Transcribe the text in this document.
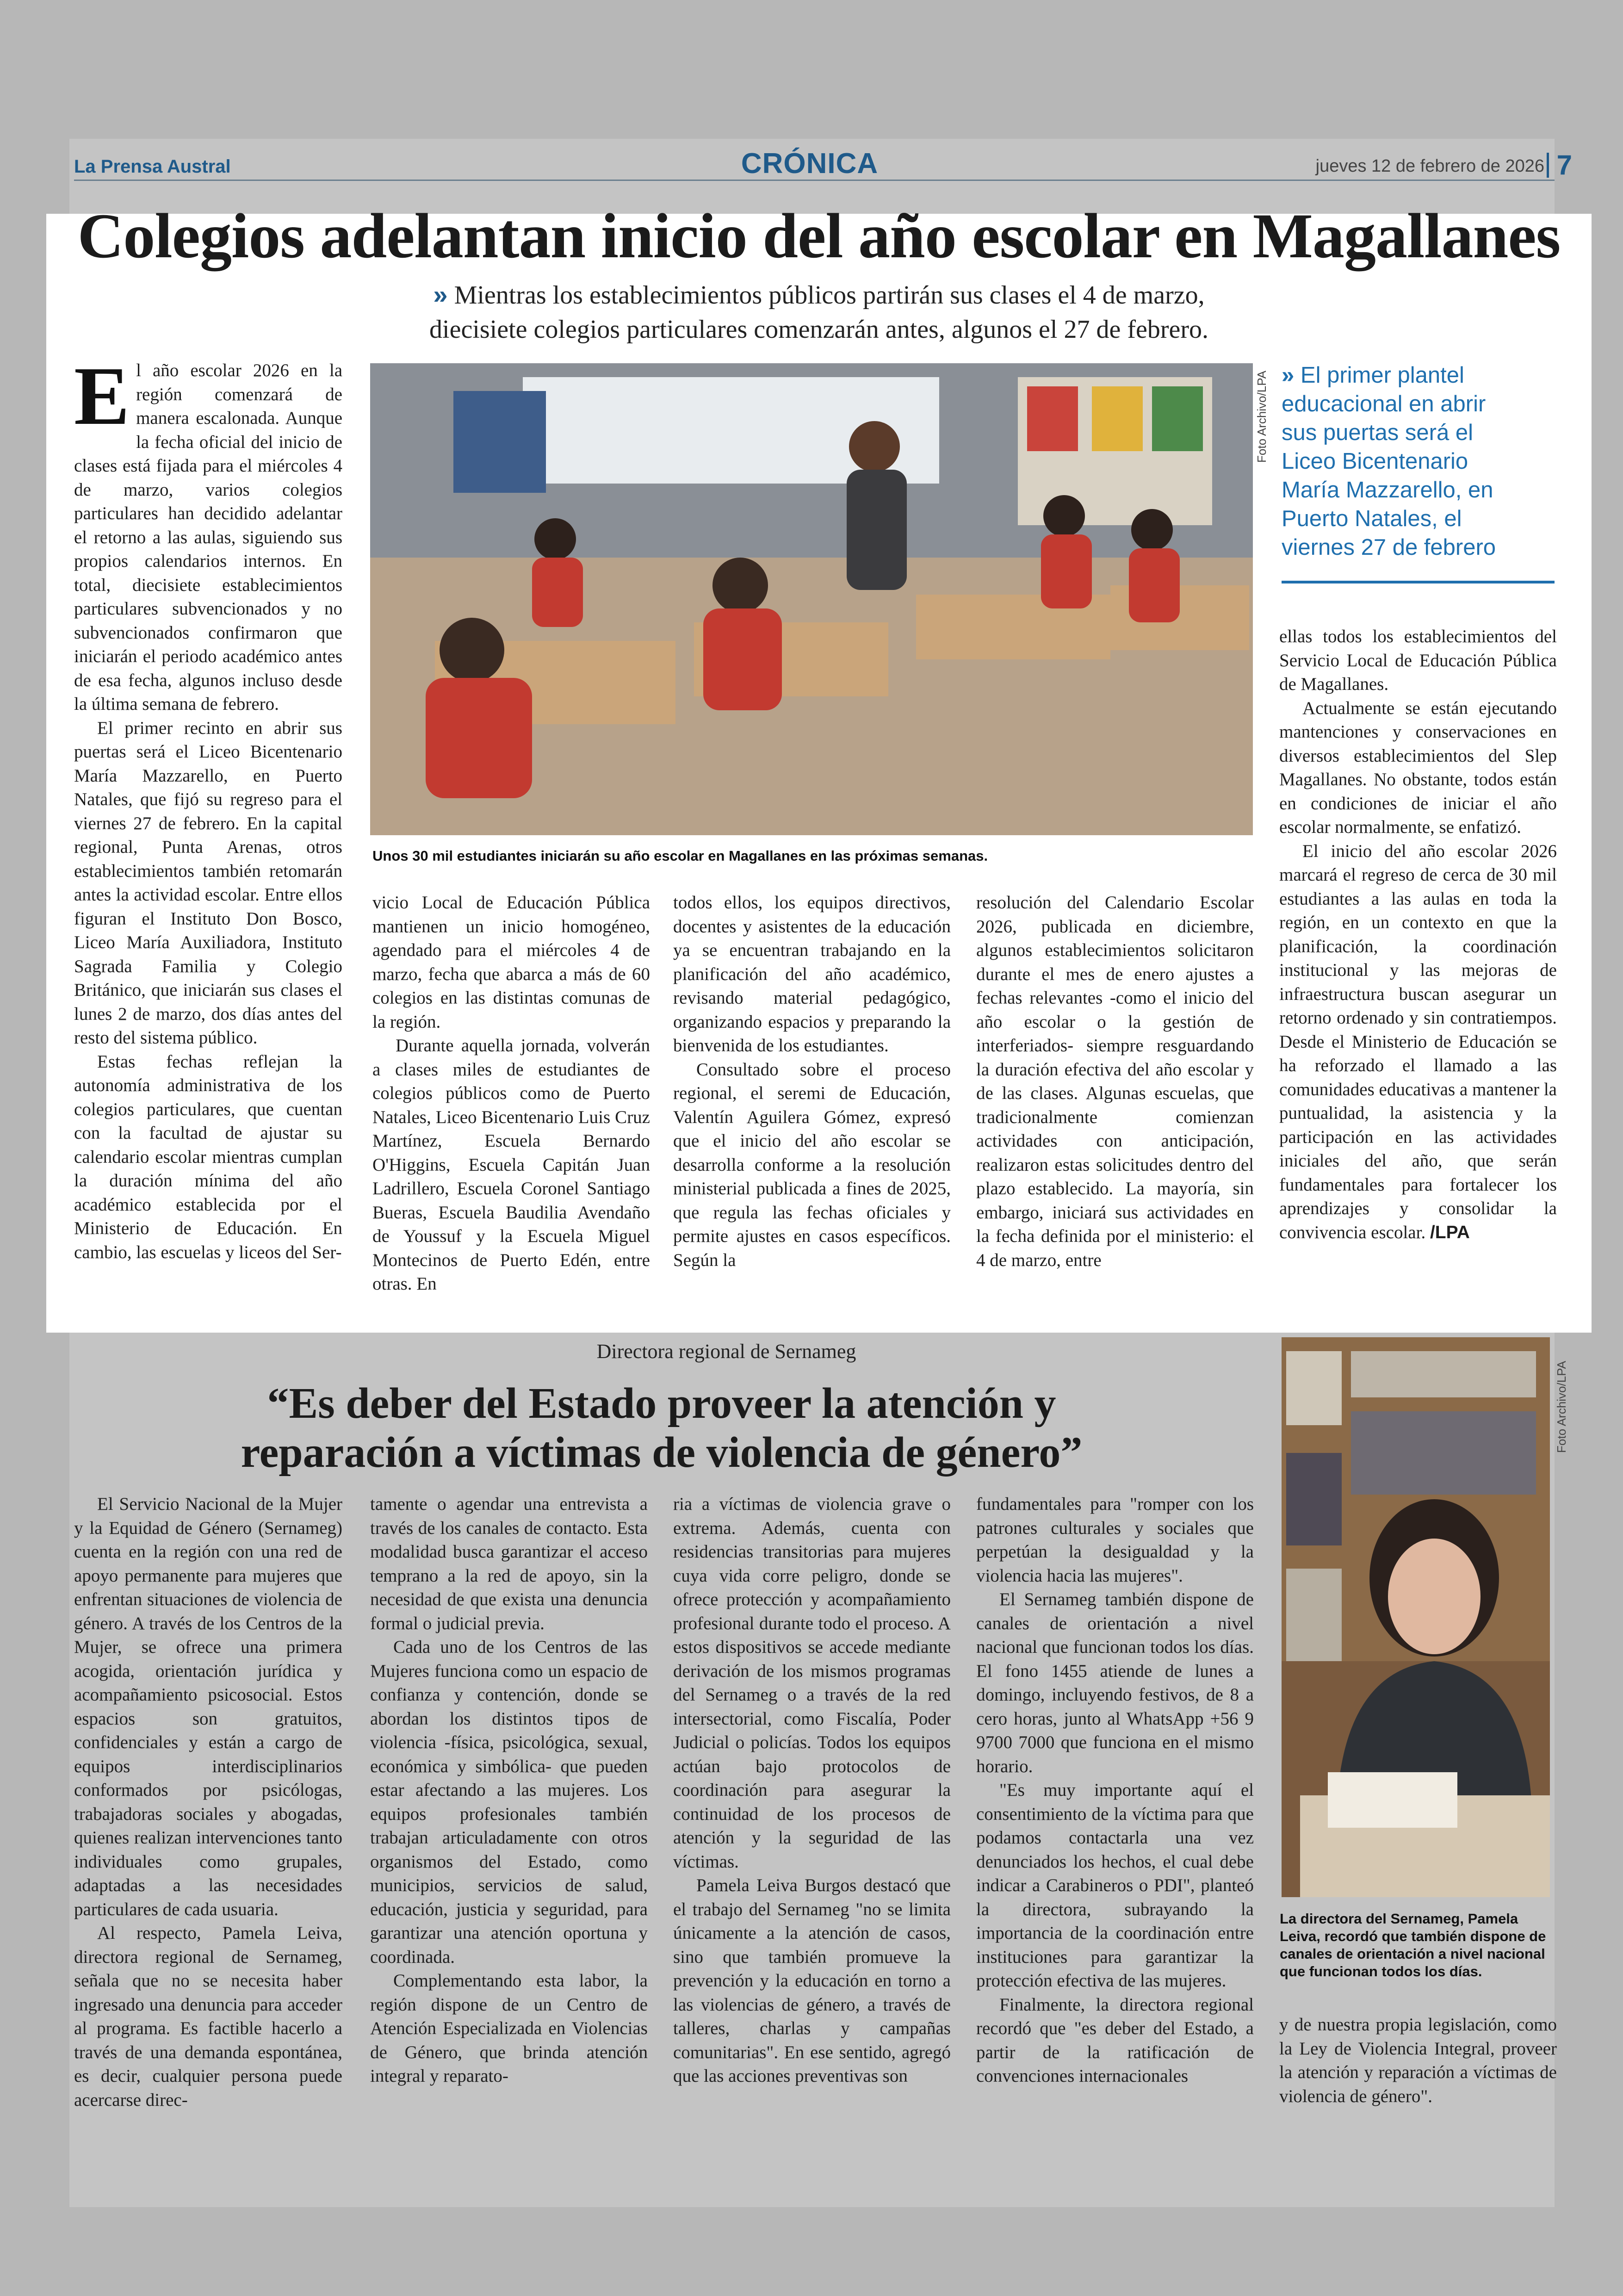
La Prensa Austral	CRÓNICA	jueves 12 de febrero de 2026 7
Colegios adelantan inicio del año escolar en Magallanes
» Mientras los establecimientos públicos partirán sus clases el 4 de marzo,
diecisiete colegios particulares comenzarán antes, algunos el 27 de febrero.

El año escolar 2026 en la región comenzará de manera escalonada. Aunque la fecha oficial del inicio de clases está fijada para el miércoles 4 de marzo, varios colegios particulares han decidido adelantar el retorno a las aulas, siguiendo sus propios calendarios internos. En total, diecisiete establecimientos particulares subvencionados y no subvencionados confirmaron que iniciarán el periodo académico antes de esa fecha, algunos incluso desde la última semana de febrero.

El primer recinto en abrir sus puertas será el Liceo Bicentenario María Mazzarello, en Puerto Natales, que fijó su regreso para el viernes 27 de febrero. En la capital regional, Punta Arenas, otros establecimientos también retomarán antes la actividad escolar. Entre ellos figuran el Instituto Don Bosco, Liceo María Auxiliadora, Instituto Sagrada Familia y Colegio Británico, que iniciarán sus clases el lunes 2 de marzo, dos días antes del resto del sistema público.

Estas fechas reflejan la autonomía administrativa de los colegios particulares, que cuentan con la facultad de ajustar su calendario escolar mientras cumplan la duración mínima del año académico establecida por el Ministerio de Educación. En cambio, las escuelas y liceos del Ser-

Foto Archivo/LPA
Unos 30 mil estudiantes iniciarán su año escolar en Magallanes en las próximas semanas.
» El primer plantel educacional en abrir sus puertas será el Liceo Bicentenario María Mazzarello, en Puerto Natales, el viernes 27 de febrero

vicio Local de Educación Pública mantienen un inicio homogéneo, agendado para el miércoles 4 de marzo, fecha que abarca a más de 60 colegios en las distintas comunas de la región.

Durante aquella jornada, volverán a clases miles de estudiantes de colegios públicos como de Puerto Natales, Liceo Bicentenario Luis Cruz Martínez, Escuela Bernardo O'Higgins, Escuela Capitán Juan Ladrillero, Escuela Coronel Santiago Bueras, Escuela Baudilia Avendaño de Youssuf y la Escuela Miguel Montecinos de Puerto Edén, entre otras. En

todos ellos, los equipos directivos, docentes y asistentes de la educación ya se encuentran trabajando en la planificación del año académico, revisando material pedagógico, organizando espacios y preparando la bienvenida de los estudiantes.

Consultado sobre el proceso regional, el seremi de Educación, Valentín Aguilera Gómez, expresó que el inicio del año escolar se desarrolla conforme a la resolución ministerial publicada a fines de 2025, que regula las fechas oficiales y permite ajustes en casos específicos. Según la

resolución del Calendario Escolar 2026, publicada en diciembre, algunos establecimientos solicitaron durante el mes de enero ajustes a fechas relevantes -como el inicio del año escolar o la gestión de interferiados- siempre resguardando la duración efectiva del año escolar y de las clases. Algunas escuelas, que tradicionalmente comienzan actividades con anticipación, realizaron estas solicitudes dentro del plazo establecido. La mayoría, sin embargo, iniciará sus actividades en la fecha definida por el ministerio: el 4 de marzo, entre

ellas todos los establecimientos del Servicio Local de Educación Pública de Magallanes.

Actualmente se están ejecutando mantenciones y conservaciones en diversos establecimientos del Slep Magallanes. No obstante, todos están en condiciones de iniciar el año escolar normalmente, se enfatizó.

El inicio del año escolar 2026 marcará el regreso de cerca de 30 mil estudiantes a las aulas en toda la región, en un contexto en que la planificación, la coordinación institucional y las mejoras de infraestructura buscan asegurar un retorno ordenado y sin contratiempos. Desde el Ministerio de Educación se ha reforzado el llamado a las comunidades educativas a mantener la puntualidad, la asistencia y la participación en las actividades iniciales del año, que serán fundamentales para fortalecer los aprendizajes y consolidar la convivencia escolar. /LPA

Directora regional de Sernameg
“Es deber del Estado proveer la atención y
reparación a víctimas de violencia de género”

El Servicio Nacional de la Mujer y la Equidad de Género (Sernameg) cuenta en la región con una red de apoyo permanente para mujeres que enfrentan situaciones de violencia de género. A través de los Centros de la Mujer, se ofrece una primera acogida, orientación jurídica y acompañamiento psicosocial. Estos espacios son gratuitos, confidenciales y están a cargo de equipos interdisciplinarios conformados por psicólogas, trabajadoras sociales y abogadas, quienes realizan intervenciones tanto individuales como grupales, adaptadas a las necesidades particulares de cada usuaria.

Al respecto, Pamela Leiva, directora regional de Sernameg, señala que no se necesita haber ingresado una denuncia para acceder al programa. Es factible hacerlo a través de una demanda espontánea, es decir, cualquier persona puede acercarse direc-

tamente o agendar una entrevista a través de los canales de contacto. Esta modalidad busca garantizar el acceso temprano a la red de apoyo, sin la necesidad de que exista una denuncia formal o judicial previa.

Cada uno de los Centros de las Mujeres funciona como un espacio de confianza y contención, donde se abordan los distintos tipos de violencia -física, psicológica, sexual, económica y simbólica- que pueden estar afectando a las mujeres. Los equipos profesionales también trabajan articuladamente con otros organismos del Estado, como municipios, servicios de salud, educación, justicia y seguridad, para garantizar una atención oportuna y coordinada.

Complementando esta labor, la región dispone de un Centro de Atención Especializada en Violencias de Género, que brinda atención integral y reparato-

ria a víctimas de violencia grave o extrema. Además, cuenta con residencias transitorias para mujeres cuya vida corre peligro, donde se ofrece protección y acompañamiento profesional durante todo el proceso. A estos dispositivos se accede mediante derivación de los mismos programas del Sernameg o a través de la red intersectorial, como Fiscalía, Poder Judicial o policías. Todos los equipos actúan bajo protocolos de coordinación para asegurar la continuidad de los procesos de atención y la seguridad de las víctimas.

Pamela Leiva Burgos destacó que el trabajo del Sernameg "no se limita únicamente a la atención de casos, sino que también promueve la prevención y la educación en torno a las violencias de género, a través de talleres, charlas y campañas comunitarias". En ese sentido, agregó que las acciones preventivas son

fundamentales para "romper con los patrones culturales y sociales que perpetúan la desigualdad y la violencia hacia las mujeres".

El Sernameg también dispone de canales de orientación a nivel nacional que funcionan todos los días. El fono 1455 atiende de lunes a domingo, incluyendo festivos, de 8 a cero horas, junto al WhatsApp +56 9 9700 7000 que funciona en el mismo horario.

"Es muy importante aquí el consentimiento de la víctima para que podamos contactarla una vez denunciados los hechos, el cual debe indicar a Carabineros o PDI", planteó la directora, subrayando la importancia de la coordinación entre instituciones para garantizar la protección efectiva de las mujeres.

Finalmente, la directora regional recordó que "es deber del Estado, a partir de la ratificación de convenciones internacionales

Foto Archivo/LPA
La directora del Sernameg, Pamela Leiva, recordó que también dispone de canales de orientación a nivel nacional que funcionan todos los días.

y de nuestra propia legislación, como la Ley de Violencia Integral, proveer la atención y reparación a víctimas de violencia de género".
